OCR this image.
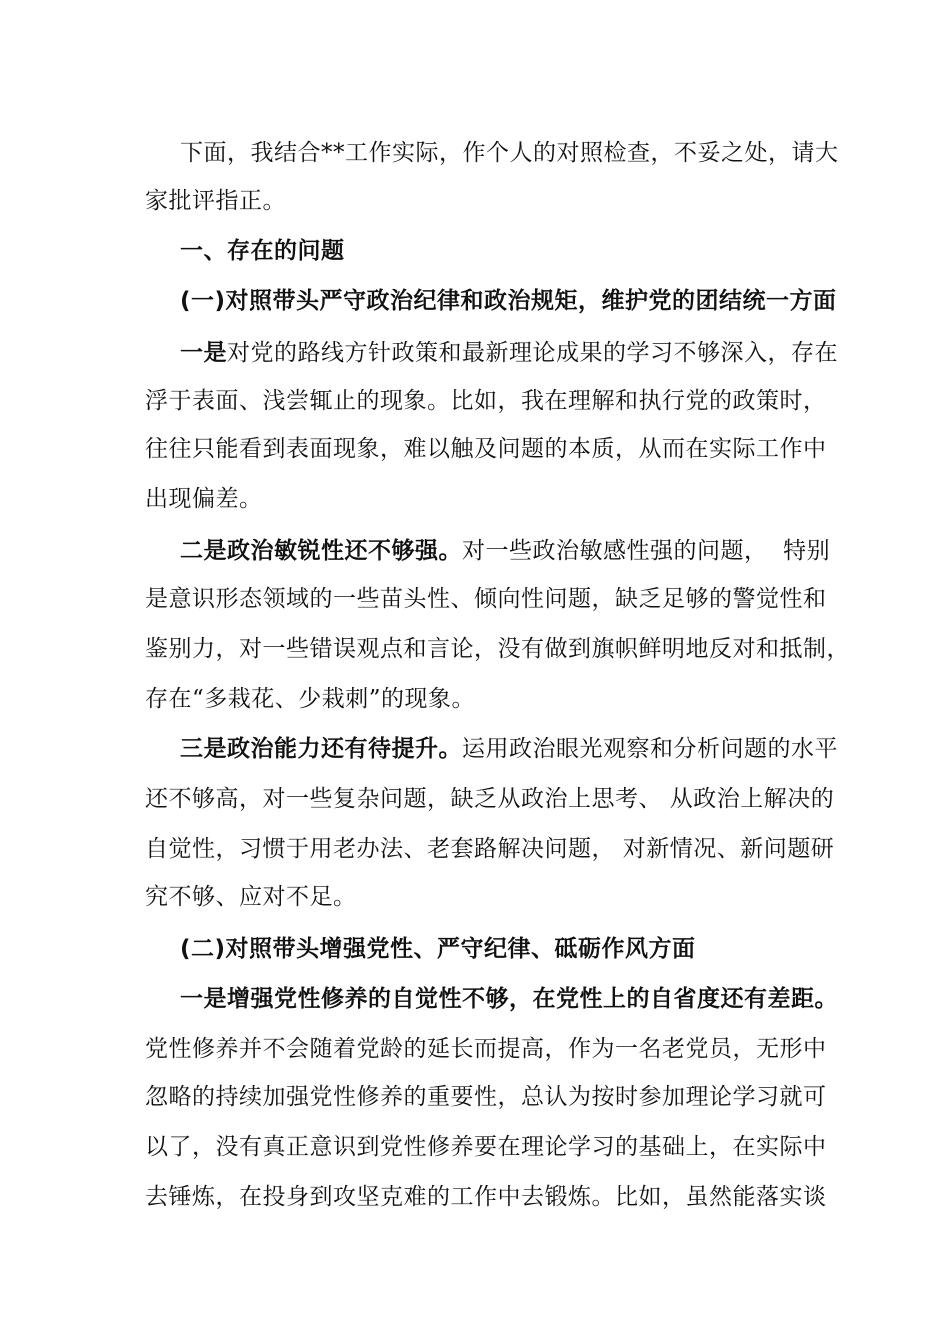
下面，我结合**工作实际，作个人的对照检查，不妥之处，请大
家批评指正。
一、存在的问题
(一)对照带头严守政治纪律和政治规矩，维护党的团结统一方面
一是对党的路线方针政策和最新理论成果的学习不够深入，存在
浮于表面、浅尝辄止的现象。比如，我在理解和执行党的政策时，
往往只能看到表面现象，难以触及问题的本质，从而在实际工作中
出现偏差。
二是政治敏锐性还不够强。对一些政治敏感性强的问题，  特别
是意识形态领域的一些苗头性、倾向性问题，缺乏足够的警觉性和
鉴别力，对一些错误观点和言论，没有做到旗帜鲜明地反对和抵制，
存在“多栽花、少栽刺”的现象。
三是政治能力还有待提升。运用政治眼光观察和分析问题的水平
还不够高，对一些复杂问题，缺乏从政治上思考、 从政治上解决的
自觉性，习惯于用老办法、老套路解决问题， 对新情况、新问题研
究不够、应对不足。
(二)对照带头增强党性、严守纪律、砥砺作风方面
一是增强党性修养的自觉性不够，在党性上的自省度还有差距。
党性修养并不会随着党龄的延长而提高，作为一名老党员，无形中
忽略的持续加强党性修养的重要性，总认为按时参加理论学习就可
以了，没有真正意识到党性修养要在理论学习的基础上，在实际中
去锤炼，在投身到攻坚克难的工作中去锻炼。比如，虽然能落实谈
